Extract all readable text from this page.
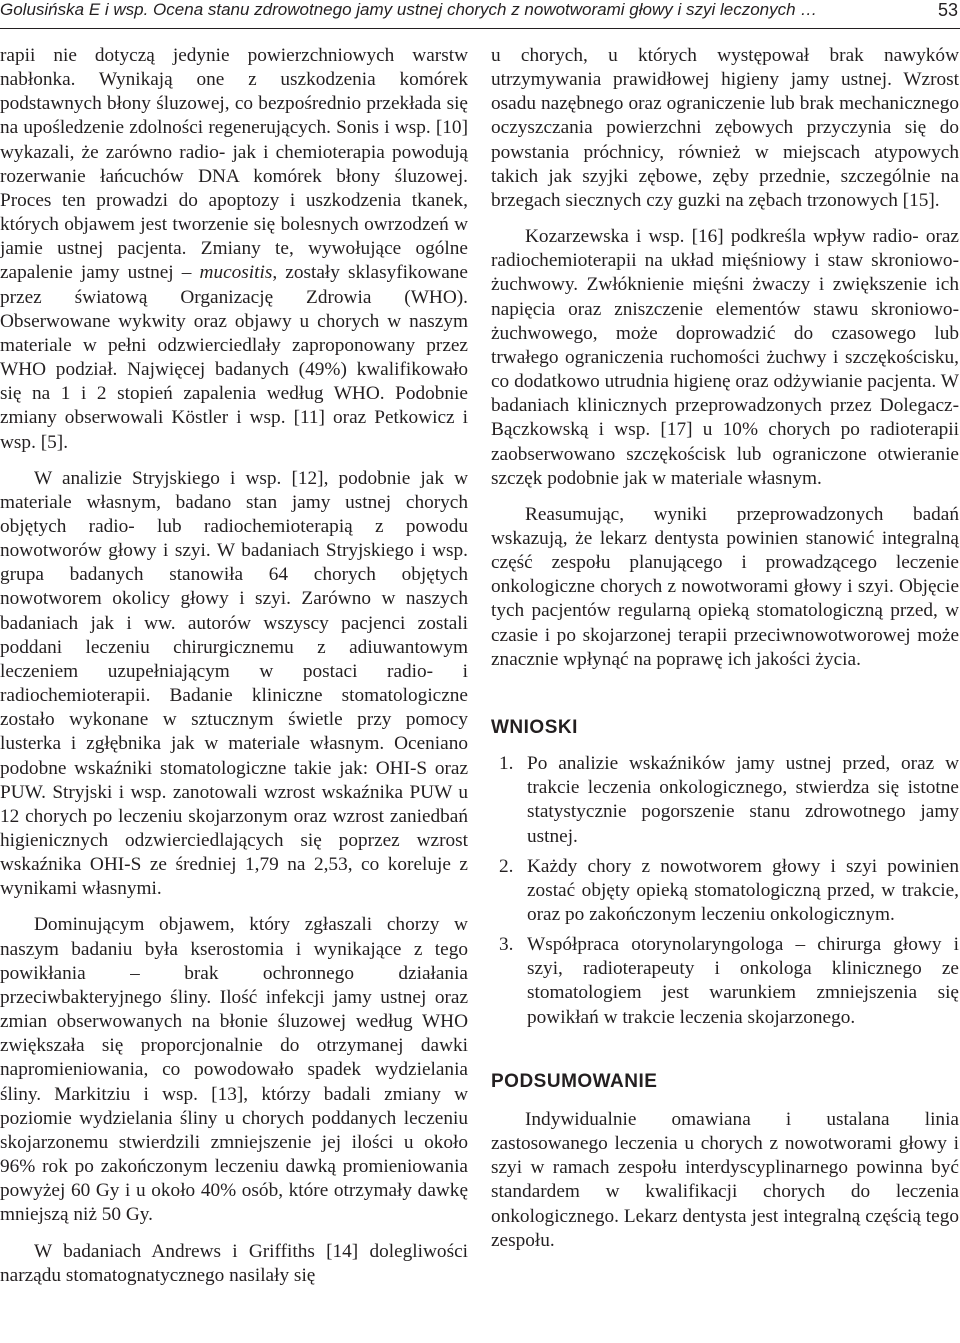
Golusińska E i wsp. Ocena stanu zdrowotnego jamy ustnej chorych z nowotworami głowy i szyi leczonych …	53

rapii nie dotyczą jedynie powierzchniowych warstw nabłonka. Wynikają one z uszkodzenia komórek podstawnych błony śluzowej, co bezpośrednio przekłada się na upośledzenie zdolności regenerujących. Sonis i wsp. [10] wykazali, że zarówno radio- jak i chemioterapia powodują rozerwanie łańcuchów DNA komórek błony śluzowej. Proces ten prowadzi do apoptozy i uszkodzenia tkanek, których objawem jest tworzenie się bolesnych owrzodzeń w jamie ustnej pacjenta. Zmiany te, wywołujące ogólne zapalenie jamy ustnej – mucositis, zostały sklasyfikowane przez światową Organizację Zdrowia (WHO). Obserwowane wykwity oraz objawy u chorych w naszym materiale w pełni odzwierciedlały zaproponowany przez WHO podział. Najwięcej badanych (49%) kwalifikowało się na 1 i 2 stopień zapalenia według WHO. Podobnie zmiany obserwowali Köstler i wsp. [11] oraz Petkowicz i wsp. [5].

W analizie Stryjskiego i wsp. [12], podobnie jak w materiale własnym, badano stan jamy ustnej chorych objętych radio- lub radiochemioterapią z powodu nowotworów głowy i szyi. W badaniach Stryjskiego i wsp. grupa badanych stanowiła 64 chorych objętych nowotworem okolicy głowy i szyi. Zarówno w naszych badaniach jak i ww. autorów wszyscy pacjenci zostali poddani leczeniu chirurgicznemu z adiuwantowym leczeniem uzupełniającym w postaci radio- i radiochemioterapii. Badanie kliniczne stomatologiczne zostało wykonane w sztucznym świetle przy pomocy lusterka i zgłębnika jak w materiale własnym. Oceniano podobne wskaźniki stomatologiczne takie jak: OHI-S oraz PUW. Stryjski i wsp. zanotowali wzrost wskaźnika PUW u 12 chorych po leczeniu skojarzonym oraz wzrost zaniedbań higienicznych odzwierciedlających się poprzez wzrost wskaźnika OHI-S ze średniej 1,79 na 2,53, co koreluje z wynikami własnymi.

Dominującym objawem, który zgłaszali chorzy w naszym badaniu była kserostomia i wynikające z tego powikłania – brak ochronnego działania przeciwbakteryjnego śliny. Ilość infekcji jamy ustnej oraz zmian obserwowanych na błonie śluzowej według WHO zwiększała się proporcjonalnie do otrzymanej dawki napromieniowania, co powodowało spadek wydzielania śliny. Markitziu i wsp. [13], którzy badali zmiany w poziomie wydzielania śliny u chorych poddanych leczeniu skojarzonemu stwierdzili zmniejszenie jej ilości u około 96% rok po zakończonym leczeniu dawką promieniowania powyżej 60 Gy i u około 40% osób, które otrzymały dawkę mniejszą niż 50 Gy.

W badaniach Andrews i Griffiths [14] dolegliwości narządu stomatognatycznego nasilały się

u chorych, u których występował brak nawyków utrzymywania prawidłowej higieny jamy ustnej. Wzrost osadu nazębnego oraz ograniczenie lub brak mechanicznego oczyszczania powierzchni zębowych przyczynia się do powstania próchnicy, również w miejscach atypowych takich jak szyjki zębowe, zęby przednie, szczególnie na brzegach siecznych czy guzki na zębach trzonowych [15].

Kozarzewska i wsp. [16] podkreśla wpływ radio- oraz radiochemioterapii na układ mięśniowy i staw skroniowo-żuchwowy. Zwłóknienie mięśni żwaczy i zwiększenie ich napięcia oraz zniszczenie elementów stawu skroniowo-żuchwowego, może doprowadzić do czasowego lub trwałego ograniczenia ruchomości żuchwy i szczękościsku, co dodatkowo utrudnia higienę oraz odżywianie pacjenta. W badaniach klinicznych przeprowadzonych przez Dolegacz-Bączkowską i wsp. [17] u 10% chorych po radioterapii zaobserwowano szczękościsk lub ograniczone otwieranie szczęk podobnie jak w materiale własnym.

Reasumując, wyniki przeprowadzonych badań wskazują, że lekarz dentysta powinien stanowić integralną część zespołu planującego i prowadzącego leczenie onkologiczne chorych z nowotworami głowy i szyi. Objęcie tych pacjentów regularną opieką stomatologiczną przed, w czasie i po skojarzonej terapii przeciwnowotworowej może znacznie wpłynąć na poprawę ich jakości życia.

WNIOSKI
1. Po analizie wskaźników jamy ustnej przed, oraz w trakcie leczenia onkologicznego, stwierdza się istotne statystycznie pogorszenie stanu zdrowotnego jamy ustnej.
2. Każdy chory z nowotworem głowy i szyi powinien zostać objęty opieką stomatologiczną przed, w trakcie, oraz po zakończonym leczeniu onkologicznym.
3. Współpraca otorynolaryngologa – chirurga głowy i szyi, radioterapeuty i onkologa klinicznego ze stomatologiem jest warunkiem zmniejszenia się powikłań w trakcie leczenia skojarzonego.
PODSUMOWANIE

Indywidualnie omawiana i ustalana linia zastosowanego leczenia u chorych z nowotworami głowy i szyi w ramach zespołu interdyscyplinarnego powinna być standardem w kwalifikacji chorych do leczenia onkologicznego. Lekarz dentysta jest integralną częścią tego zespołu.
